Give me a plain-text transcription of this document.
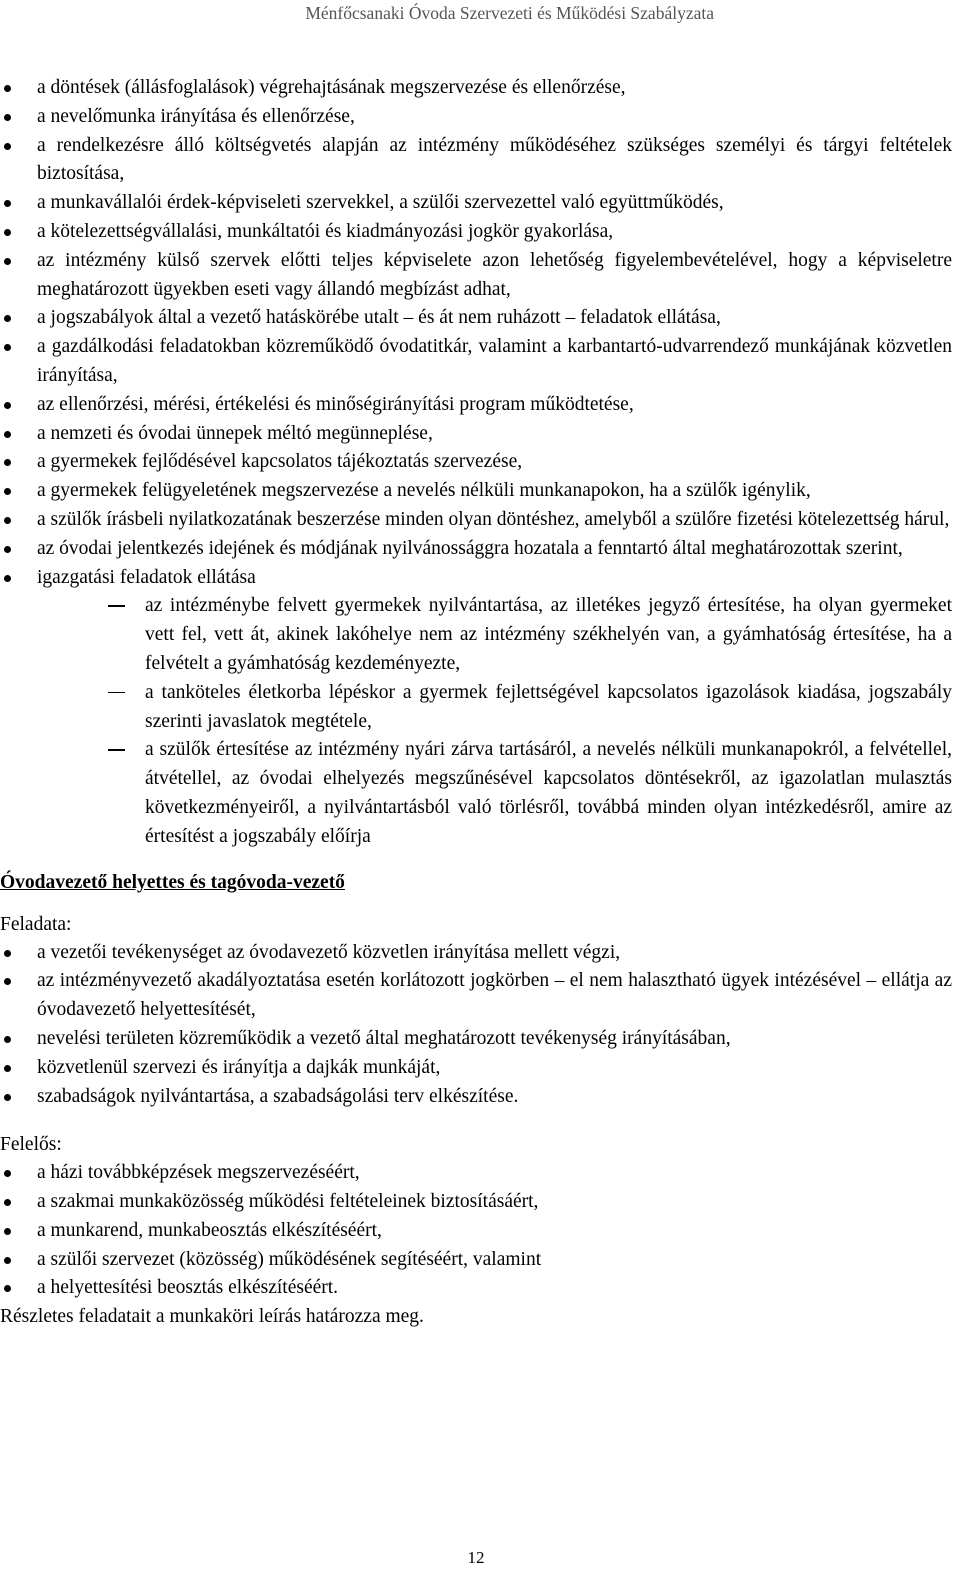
Ménfőcsanaki Óvoda Szervezeti és Működési Szabályzata
a döntések (állásfoglalások) végrehajtásának megszervezése és ellenőrzése,
a nevelőmunka irányítása és ellenőrzése,
a rendelkezésre álló költségvetés alapján az intézmény működéséhez szükséges személyi és tárgyi feltételek biztosítása,
a munkavállalói érdek-képviseleti szervekkel, a szülői szervezettel való együttműködés,
a kötelezettségvállalási, munkáltatói és kiadmányozási jogkör gyakorlása,
az intézmény külső szervek előtti teljes képviselete azon lehetőség figyelembevételével, hogy a képviseletre meghatározott ügyekben eseti vagy állandó megbízást adhat,
a jogszabályok által a vezető hatáskörébe utalt – és át nem ruházott – feladatok ellátása,
a gazdálkodási feladatokban közreműködő óvodatitkár, valamint a karbantartó-udvarrendező munkájának közvetlen irányítása,
az ellenőrzési, mérési, értékelési és minőségirányítási program működtetése,
a nemzeti és óvodai ünnepek méltó megünneplése,
a gyermekek fejlődésével kapcsolatos tájékoztatás szervezése,
a gyermekek felügyeletének megszervezése a nevelés nélküli munkanapokon, ha a szülők igénylik,
a szülők írásbeli nyilatkozatának beszerzése minden olyan döntéshez, amelyből a szülőre fizetési kötelezettség hárul,
az óvodai jelentkezés idejének és módjának nyilvánossággra hozatala a fenntartó által meghatározottak szerint,
igazgatási feladatok ellátása
az intézménybe felvett gyermekek nyilvántartása, az illetékes jegyző értesítése, ha olyan gyermeket vett fel, vett át, akinek lakóhelye nem az intézmény székhelyén van, a gyámhatóság értesítése, ha a felvételt a gyámhatóság kezdeményezte,
a tanköteles életkorba lépéskor a gyermek fejlettségével kapcsolatos igazolások kiadása, jogszabály szerinti javaslatok megtétele,
a szülők értesítése az intézmény nyári zárva tartásáról, a nevelés nélküli munkanapokról, a felvétellel, átvétellel, az óvodai elhelyezés megszűnésével kapcsolatos döntésekről, az igazolatlan mulasztás következményeiről, a nyilvántartásból való törlésről, továbbá minden olyan intézkedésről, amire az értesítést a jogszabály előírja
Óvodavezető helyettes és tagóvoda-vezető
Feladata:
a vezetői tevékenységet az óvodavezető közvetlen irányítása mellett végzi,
az intézményvezető akadályoztatása esetén korlátozott jogkörben – el nem halasztható ügyek intézésével – ellátja az óvodavezető helyettesítését,
nevelési területen közreműködik a vezető által meghatározott tevékenység irányításában,
közvetlenül szervezi és irányítja a dajkák munkáját,
szabadságok nyilvántartása, a szabadságolási terv elkészítése.
Felelős:
a házi továbbképzések megszervezéséért,
a szakmai munkaközösség működési feltételeinek biztosításáért,
a munkarend, munkabeosztás elkészítéséért,
a szülői szervezet (közösség) működésének segítéséért, valamint
a helyettesítési beosztás elkészítéséért.
Részletes feladatait a munkaköri leírás határozza meg.
12
